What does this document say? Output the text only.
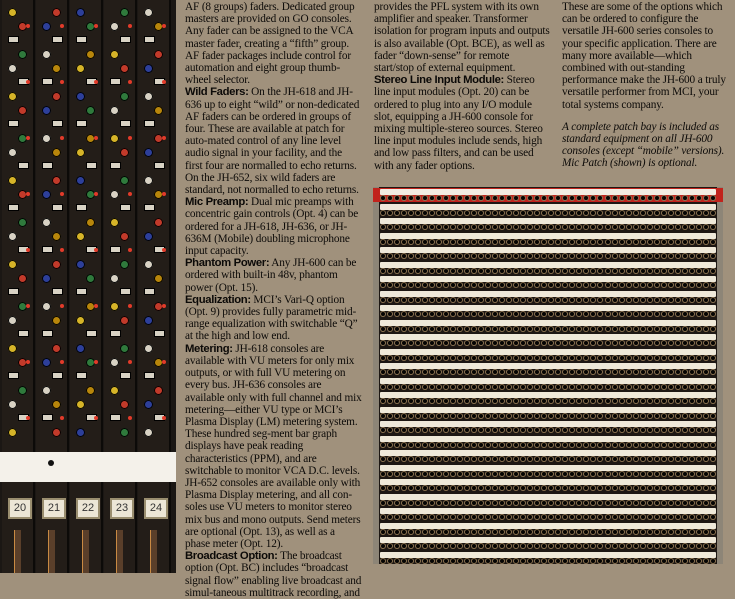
20	21	22	23	24

AF (8 groups) faders. Dedicated group masters are provided on GO consoles. Any fader can be assigned to the VCA master fader, creating a “fifth” group. AF fader packages include control for automation and eight group thumb-wheel selector.

Wild Faders: On the JH-618 and JH-636 up to eight “wild” or non-dedicated AF faders can be ordered in groups of four. These are available at patch for auto-mated control of any line level audio signal in your facility, and the first four are normalled to echo returns. On the JH-652, six wild faders are standard, not normalled to echo returns.

Mic Preamp: Dual mic preamps with concentric gain controls (Opt. 4) can be ordered for a JH-618, JH-636, or JH-636M (Mobile) doubling microphone input capacity.

Phantom Power: Any JH-600 can be ordered with built-in 48v, phantom power (Opt. 15).

Equalization: MCI’s Vari-Q option (Opt. 9) provides fully parametric mid-range equalization with switchable “Q” at the high and low end.

Metering: JH-618 consoles are available with VU meters for only mix outputs, or with full VU metering on every bus. JH-636 consoles are available only with full channel and mix metering—either VU type or MCI’s Plasma Display (LM) metering system. These hundred seg-ment bar graph displays have peak reading characteristics (PPM), and are switchable to monitor VCA D.C. levels. JH-652 consoles are available only with Plasma Display metering, and all con-soles use VU meters to monitor stereo mix bus and mono outputs. Send meters are optional (Opt. 13), as well as a phase meter (Opt. 12).

Broadcast Option: The broadcast option (Opt. BC) includes “broadcast signal flow” enabling live broadcast and simul-taneous multitrack recording, and

provides the PFL system with its own amplifier and speaker. Transformer isolation for program inputs and outputs is also available (Opt. BCE), as well as fader “down-sense” for remote start/stop of external equipment.

Stereo Line Input Module: Stereo line input modules (Opt. 20) can be ordered to plug into any I/O module slot, equipping a JH-600 console for mixing multiple-stereo sources. Stereo line input modules include sends, high and low pass filters, and can be used with any fader options.

These are some of the options which can be ordered to configure the versatile JH-600 series consoles to your specific application. There are many more available—which combined with out-standing performance make the JH-600 a truly versatile performer from MCI, your total systems company.

A complete patch bay is included as standard equipment on all JH-600 consoles (except “mobile” versions). Mic Patch (shown) is optional.
